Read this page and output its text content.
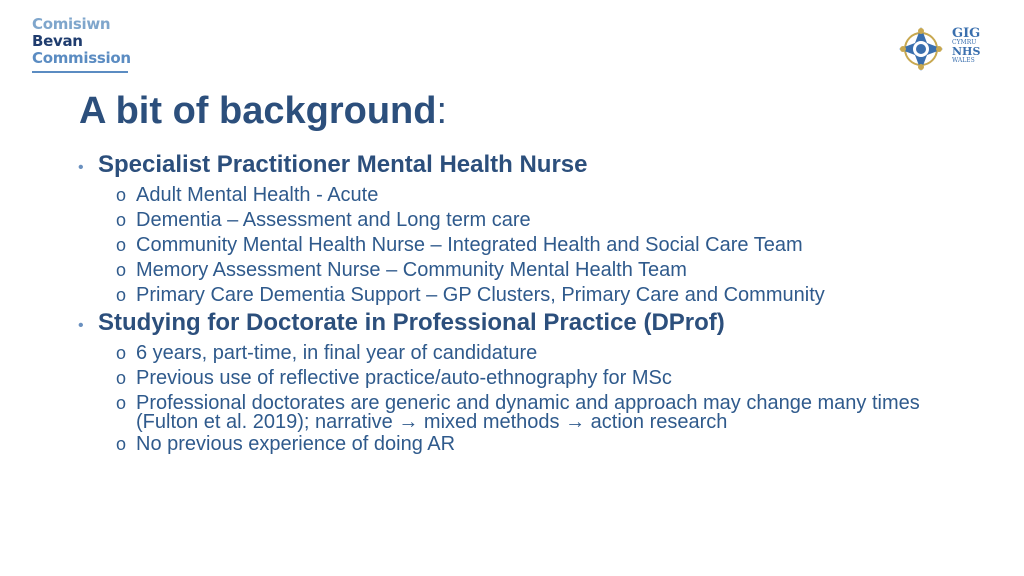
Comisiwn
Bevan
Commission
GIG
CYMRU
NHS
WALES
A bit of background:
• Specialist Practitioner Mental Health Nurse
o Adult Mental Health - Acute
o Dementia – Assessment and Long term care
o Community Mental Health Nurse – Integrated Health and Social Care Team
o Memory Assessment Nurse – Community Mental Health Team
o Primary Care Dementia Support – GP Clusters, Primary Care and Community
• Studying for Doctorate in Professional Practice (DProf)
o 6 years, part-time, in final year of candidature
o Previous use of reflective practice/auto-ethnography for MSc
o Professional doctorates are generic and dynamic and approach may change many times (Fulton et al. 2019); narrative → mixed methods → action research
o No previous experience of doing AR
